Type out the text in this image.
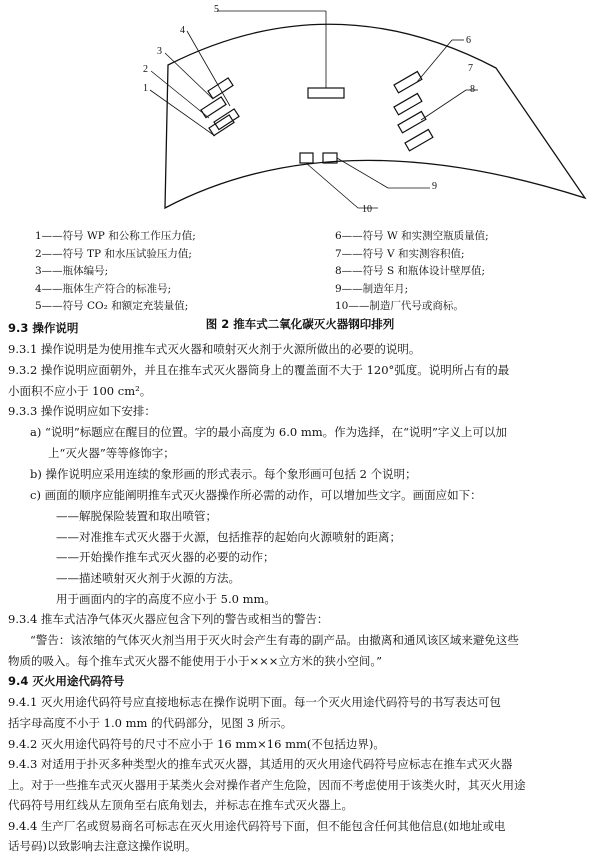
1
2
3
4
5
6
7
8
9
10
1——符号 WP 和公称工作压力值;
2——符号 TP 和水压试验压力值;
3——瓶体编号;
4——瓶体生产符合的标准号;
5——符号 CO₂ 和额定充装量值;
6——符号 W 和实测空瓶质量值;
7——符号 V 和实测容积值;
8——符号 S 和瓶体设计壁厚值;
9——制造年月;
10——制造厂代号或商标。
图 2 推车式二氧化碳灭火器钢印排列
9.3 操作说明
9.3.1 操作说明是为使用推车式灭火器和喷射灭火剂于火源所做出的必要的说明。
9.3.2 操作说明应面朝外，并且在推车式灭火器筒身上的覆盖面不大于 120°弧度。说明所占有的最
小面积不应小于 100 cm²。
9.3.3 操作说明应如下安排：
a) “说明”标题应在醒目的位置。字的最小高度为 6.0 mm。作为选择，在“说明”字义上可以加
上“灭火器”等等修饰字；
b) 操作说明应采用连续的象形画的形式表示。每个象形画可包括 2 个说明；
c) 画面的顺序应能阐明推车式灭火器操作所必需的动作，可以增加些文字。画面应如下：
——解脱保险装置和取出喷管；
——对准推车式灭火器于火源，包括推荐的起始向火源喷射的距离；
——开始操作推车式灭火器的必要的动作；
——描述喷射灭火剂于火源的方法。
用于画面内的字的高度不应小于 5.0 mm。
9.3.4 推车式洁净气体灭火器应包含下列的警告或相当的警告：
“警告：该浓缩的气体灭火剂当用于灭火时会产生有毒的副产品。由撤离和通风该区域来避免这些
物质的吸入。每个推车式灭火器不能使用于小于×××立方米的狭小空间。”
9.4 灭火用途代码符号
9.4.1 灭火用途代码符号应直接地标志在操作说明下面。每一个灭火用途代码符号的书写表达可包
括字母高度不小于 1.0 mm 的代码部分，见图 3 所示。
9.4.2 灭火用途代码符号的尺寸不应小于 16 mm×16 mm(不包括边界)。
9.4.3 对适用于扑灭多种类型火的推车式灭火器，其适用的灭火用途代码符号应标志在推车式灭火器
上。对于一些推车式灭火器用于某类火会对操作者产生危险，因而不考虑使用于该类火时，其灭火用途
代码符号用红线从左顶角至右底角划去，并标志在推车式灭火器上。
9.4.4 生产厂名或贸易商名可标志在灭火用途代码符号下面，但不能包含任何其他信息(如地址或电
话号码)以致影响去注意这操作说明。
